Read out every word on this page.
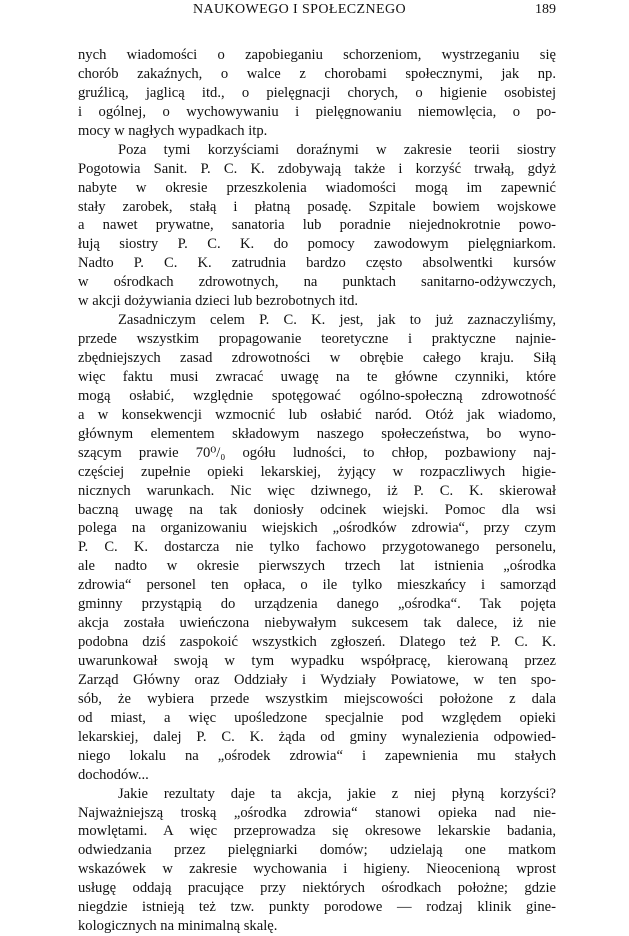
NAUKOWEGO I SPOŁECZNEGO	189
nych wiadomości o zapobieganiu schorzeniom, wystrzeganiu się
chorób zakaźnych, o walce z chorobami społecznymi, jak np.
gruźlicą, jaglicą itd., o pielęgnacji chorych, o higienie osobistej
i ogólnej, o wychowywaniu i pielęgnowaniu niemowlęcia, o po-
mocy w nagłych wypadkach itp.
Poza tymi korzyściami doraźnymi w zakresie teorii siostry
Pogotowia Sanit. P. C. K. zdobywają także i korzyść trwałą, gdyż
nabyte w okresie przeszkolenia wiadomości mogą im zapewnić
stały zarobek, stałą i płatną posadę. Szpitale bowiem wojskowe
a nawet prywatne, sanatoria lub poradnie niejednokrotnie powo-
łują siostry P. C. K. do pomocy zawodowym pielęgniarkom.
Nadto P. C. K. zatrudnia bardzo często absolwentki kursów
w ośrodkach zdrowotnych, na punktach sanitarno-odżywczych,
w akcji dożywiania dzieci lub bezrobotnych itd.
Zasadniczym celem P. C. K. jest, jak to już zaznaczyliśmy,
przede wszystkim propagowanie teoretyczne i praktyczne najnie-
zbędniejszych zasad zdrowotności w obrębie całego kraju. Siłą
więc faktu musi zwracać uwagę na te główne czynniki, które
mogą osłabić, względnie spotęgować ogólno-społeczną zdrowotność
a w konsekwencji wzmocnić lub osłabić naród. Otóż jak wiadomo,
głównym elementem składowym naszego społeczeństwa, bo wyno-
szącym prawie 70⁰/₀ ogółu ludności, to chłop, pozbawiony naj-
częściej zupełnie opieki lekarskiej, żyjący w rozpaczliwych higie-
nicznych warunkach. Nic więc dziwnego, iż P. C. K. skierował
baczną uwagę na tak doniosły odcinek wiejski. Pomoc dla wsi
polega na organizowaniu wiejskich „ośrodków zdrowia“, przy czym
P. C. K. dostarcza nie tylko fachowo przygotowanego personelu,
ale nadto w okresie pierwszych trzech lat istnienia „ośrodka
zdrowia“ personel ten opłaca, o ile tylko mieszkańcy i samorząd
gminny przystąpią do urządzenia danego „ośrodka“. Tak pojęta
akcja została uwieńczona niebywałym sukcesem tak dalece, iż nie
podobna dziś zaspokoić wszystkich zgłoszeń. Dlatego też P. C. K.
uwarunkował swoją w tym wypadku współpracę, kierowaną przez
Zarząd Główny oraz Oddziały i Wydziały Powiatowe, w ten spo-
sób, że wybiera przede wszystkim miejscowości położone z dala
od miast, a więc upośledzone specjalnie pod względem opieki
lekarskiej, dalej P. C. K. żąda od gminy wynalezienia odpowied-
niego lokalu na „ośrodek zdrowia“ i zapewnienia mu stałych
dochodów...
Jakie rezultaty daje ta akcja, jakie z niej płyną korzyści?
Najważniejszą troską „ośrodka zdrowia“ stanowi opieka nad nie-
mowlętami. A więc przeprowadza się okresowe lekarskie badania,
odwiedzania przez pielęgniarki domów; udzielają one matkom
wskazówek w zakresie wychowania i higieny. Nieocenioną wprost
usługę oddają pracujące przy niektórych ośrodkach położne; gdzie
niegdzie istnieją też tzw. punkty porodowe — rodzaj klinik gine-
kologicznych na minimalną skalę.
